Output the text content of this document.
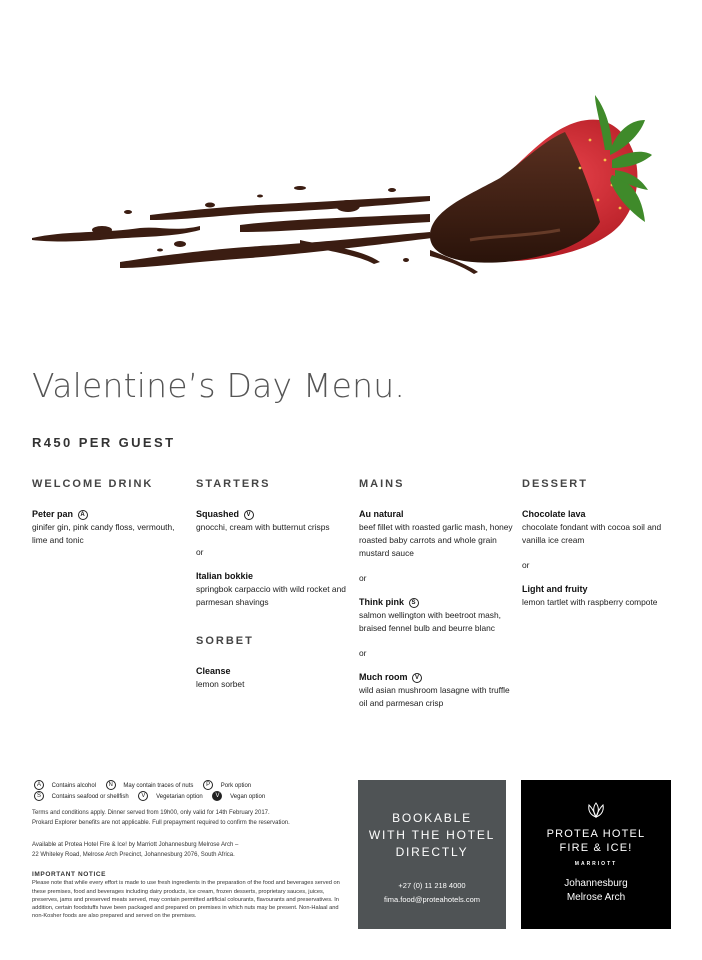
Valentine’s Day Menu.
R450 PER GUEST
WELCOME DRINK
Peter pan A
ginifer gin, pink candy floss, vermouth, lime and tonic
STARTERS
Squashed V
gnocchi, cream with butternut crisps
or
Italian bokkie
springbok carpaccio with wild rocket and parmesan shavings
SORBET
Cleanse
lemon sorbet
MAINS
Au natural
beef fillet with roasted garlic mash, honey roasted baby carrots and whole grain mustard sauce
or
Think pink S
salmon wellington with beetroot mash, braised fennel bulb and beurre blanc
or
Much room V
wild asian mushroom lasagne with truffle oil and parmesan crisp
DESSERT
Chocolate lava
chocolate fondant with cocoa soil and vanilla ice cream
or
Light and fruity
lemon tartlet with raspberry compote
A Contains alcohol N May contain traces of nuts P Pork option
S Contains seafood or shellfish V Vegetarian option V Vegan option
Terms and conditions apply. Dinner served from 19h00, only valid for 14th February 2017.
Prokard Explorer benefits are not applicable. Full prepayment required to confirm the reservation.
Available at Protea Hotel Fire & Ice! by Marriott Johannesburg Melrose Arch –
22 Whiteley Road, Melrose Arch Precinct, Johannesburg 2076, South Africa.
IMPORTANT NOTICE
Please note that while every effort is made to use fresh ingredients in the preparation of the food and beverages served on these premises, food and beverages including dairy products, ice cream, frozen desserts, proprietary sauces, juices, preserves, jams and preserved meats served, may contain permitted artificial colourants, flavourants and preservatives. In addition, certain foodstuffs have been packaged and prepared on premises in which nuts may be present. Non-Halaal and non-Kosher foods are also prepared and served on the premises.
BOOKABLE
WITH THE HOTEL
DIRECTLY
+27 (0) 11 218 4000
fima.food@proteahotels.com
PROTEA HOTEL
FIRE & ICE!
MARRIOTT
Johannesburg
Melrose Arch
